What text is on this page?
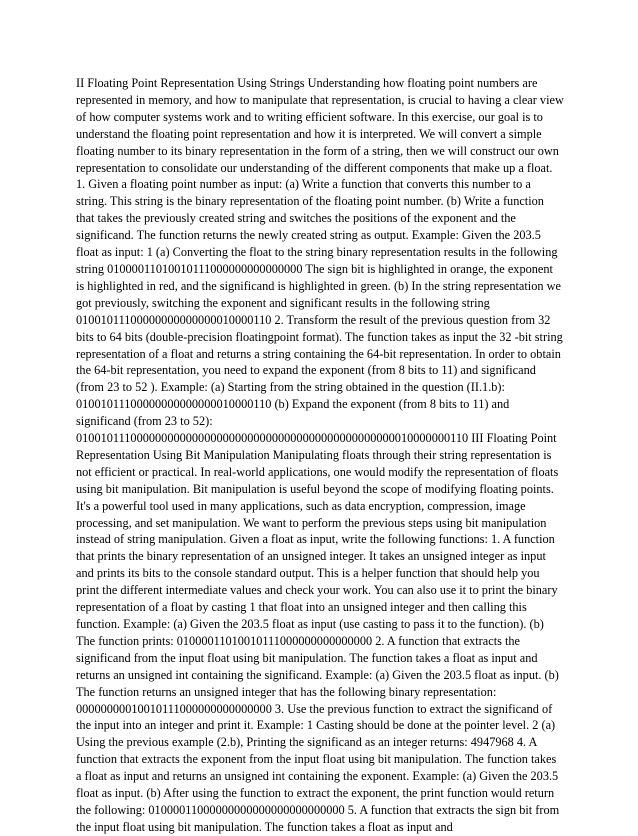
II Floating Point Representation Using Strings Understanding how floating point numbers are represented in memory, and how to manipulate that representation, is crucial to having a clear view of how computer systems work and to writing efficient software. In this exercise, our goal is to understand the floating point representation and how it is interpreted. We will convert a simple floating number to its binary representation in the form of a string, then we will construct our own representation to consolidate our understanding of the different components that make up a float. 1. Given a floating point number as input: (a) Write a function that converts this number to a string. This string is the binary representation of the floating point number. (b) Write a function that takes the previously created string and switches the positions of the exponent and the significand. The function returns the newly created string as output. Example: Given the 203.5 float as input: 1 (a) Converting the float to the string binary representation results in the following string 01000011010010111000000000000000 The sign bit is highlighted in orange, the exponent is highlighted in red, and the significand is highlighted in green. (b) In the string representation we got previously, switching the exponent and significant results in the following string 01001011100000000000000010000110 2. Transform the result of the previous question from 32 bits to 64 bits (double-precision floatingpoint format). The function takes as input the 32 -bit string representation of a float and returns a string containing the 64-bit representation. In order to obtain the 64-bit representation, you need to expand the exponent (from 8 bits to 11) and significand (from 23 to 52 ). Example: (a) Starting from the string obtained in the question (II.1.b): 01001011100000000000000010000110 (b) Expand the exponent (from 8 bits to 11) and significand (from 23 to 52): 0100101110000000000000000000000000000000000000000000010000000110 III Floating Point Representation Using Bit Manipulation Manipulating floats through their string representation is not efficient or practical. In real-world applications, one would modify the representation of floats using bit manipulation. Bit manipulation is useful beyond the scope of modifying floating points. It's a powerful tool used in many applications, such as data encryption, compression, image processing, and set manipulation. We want to perform the previous steps using bit manipulation instead of string manipulation. Given a float as input, write the following functions: 1. A function that prints the binary representation of an unsigned integer. It takes an unsigned integer as input and prints its bits to the console standard output. This is a helper function that should help you print the different intermediate values and check your work. You can also use it to print the binary representation of a float by casting 1 that float into an unsigned integer and then calling this function. Example: (a) Given the 203.5 float as input (use casting to pass it to the function). (b) The function prints: 01000011010010111000000000000000 2. A function that extracts the significand from the input float using bit manipulation. The function takes a float as input and returns an unsigned int containing the significand. Example: (a) Given the 203.5 float as input. (b) The function returns an unsigned integer that has the following binary representation: 00000000010010111000000000000000 3. Use the previous function to extract the significand of the input into an integer and print it. Example: 1 Casting should be done at the pointer level. 2 (a) Using the previous example (2.b), Printing the significand as an integer returns: 4947968 4. A function that extracts the exponent from the input float using bit manipulation. The function takes a float as input and returns an unsigned int containing the exponent. Example: (a) Given the 203.5 float as input. (b) After using the function to extract the exponent, the print function would return the following: 01000011000000000000000000000000 5. A function that extracts the sign bit from the input float using bit manipulation. The function takes a float as input and
